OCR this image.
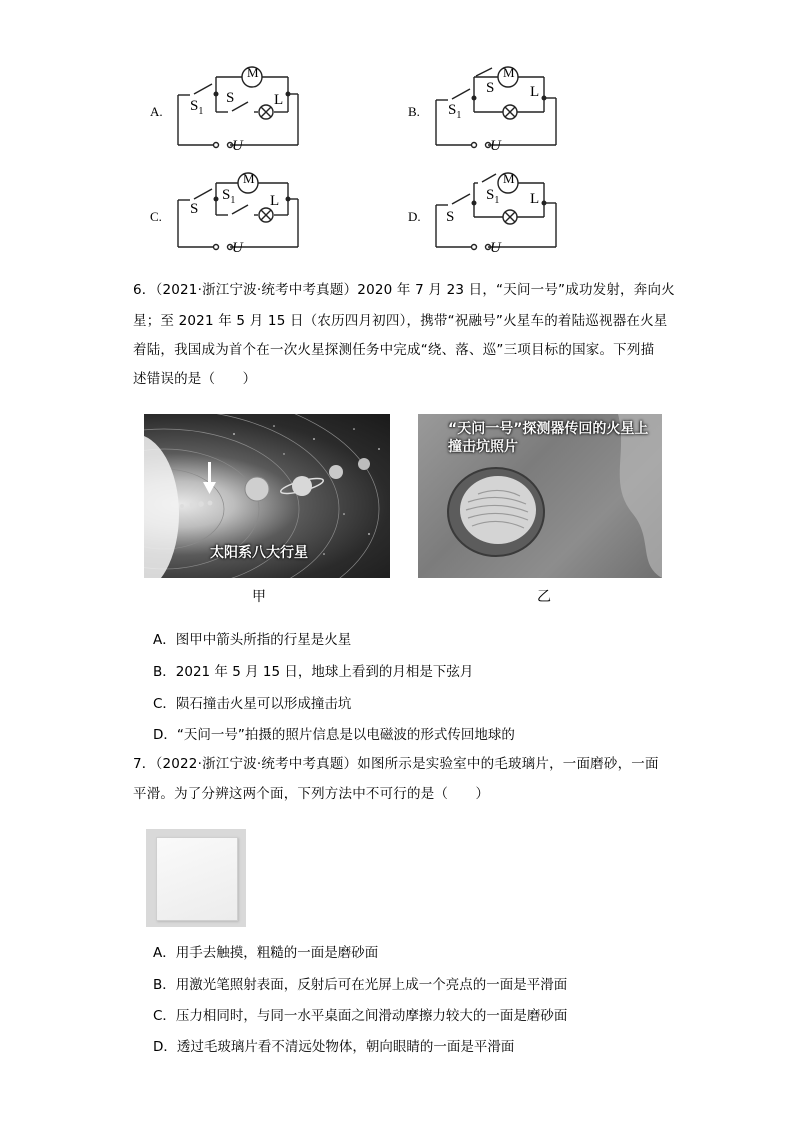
A.
M
$S_1$
S	L
U
B.
M
$S_1$
S L
U
C.
M
S
$S_1$ L
U
D.
M
S
$S_1$ L
U
6．（2021·浙江宁波·统考中考真题）2020 年 7 月 23 日，“天问一号”成功发射，奔向火
星；至 2021 年 5 月 15 日（农历四月初四），携带“祝融号”火星车的着陆巡视器在火星
着陆，我国成为首个在一次火星探测任务中完成“绕、落、巡”三项目标的国家。下列描
述错误的是（　　）
太阳系八大行星
“天问一号”探测器传回的火星上
撞击坑照片
甲	乙
A．图甲中箭头所指的行星是火星
B．2021 年 5 月 15 日，地球上看到的月相是下弦月
C．陨石撞击火星可以形成撞击坑
D．“天问一号”拍摄的照片信息是以电磁波的形式传回地球的
7．（2022·浙江宁波·统考中考真题）如图所示是实验室中的毛玻璃片，一面磨砂，一面
平滑。为了分辨这两个面，下列方法中不可行的是（　　）
A．用手去触摸，粗糙的一面是磨砂面
B．用激光笔照射表面，反射后可在光屏上成一个亮点的一面是平滑面
C．压力相同时，与同一水平桌面之间滑动摩擦力较大的一面是磨砂面
D．透过毛玻璃片看不清远处物体，朝向眼睛的一面是平滑面
